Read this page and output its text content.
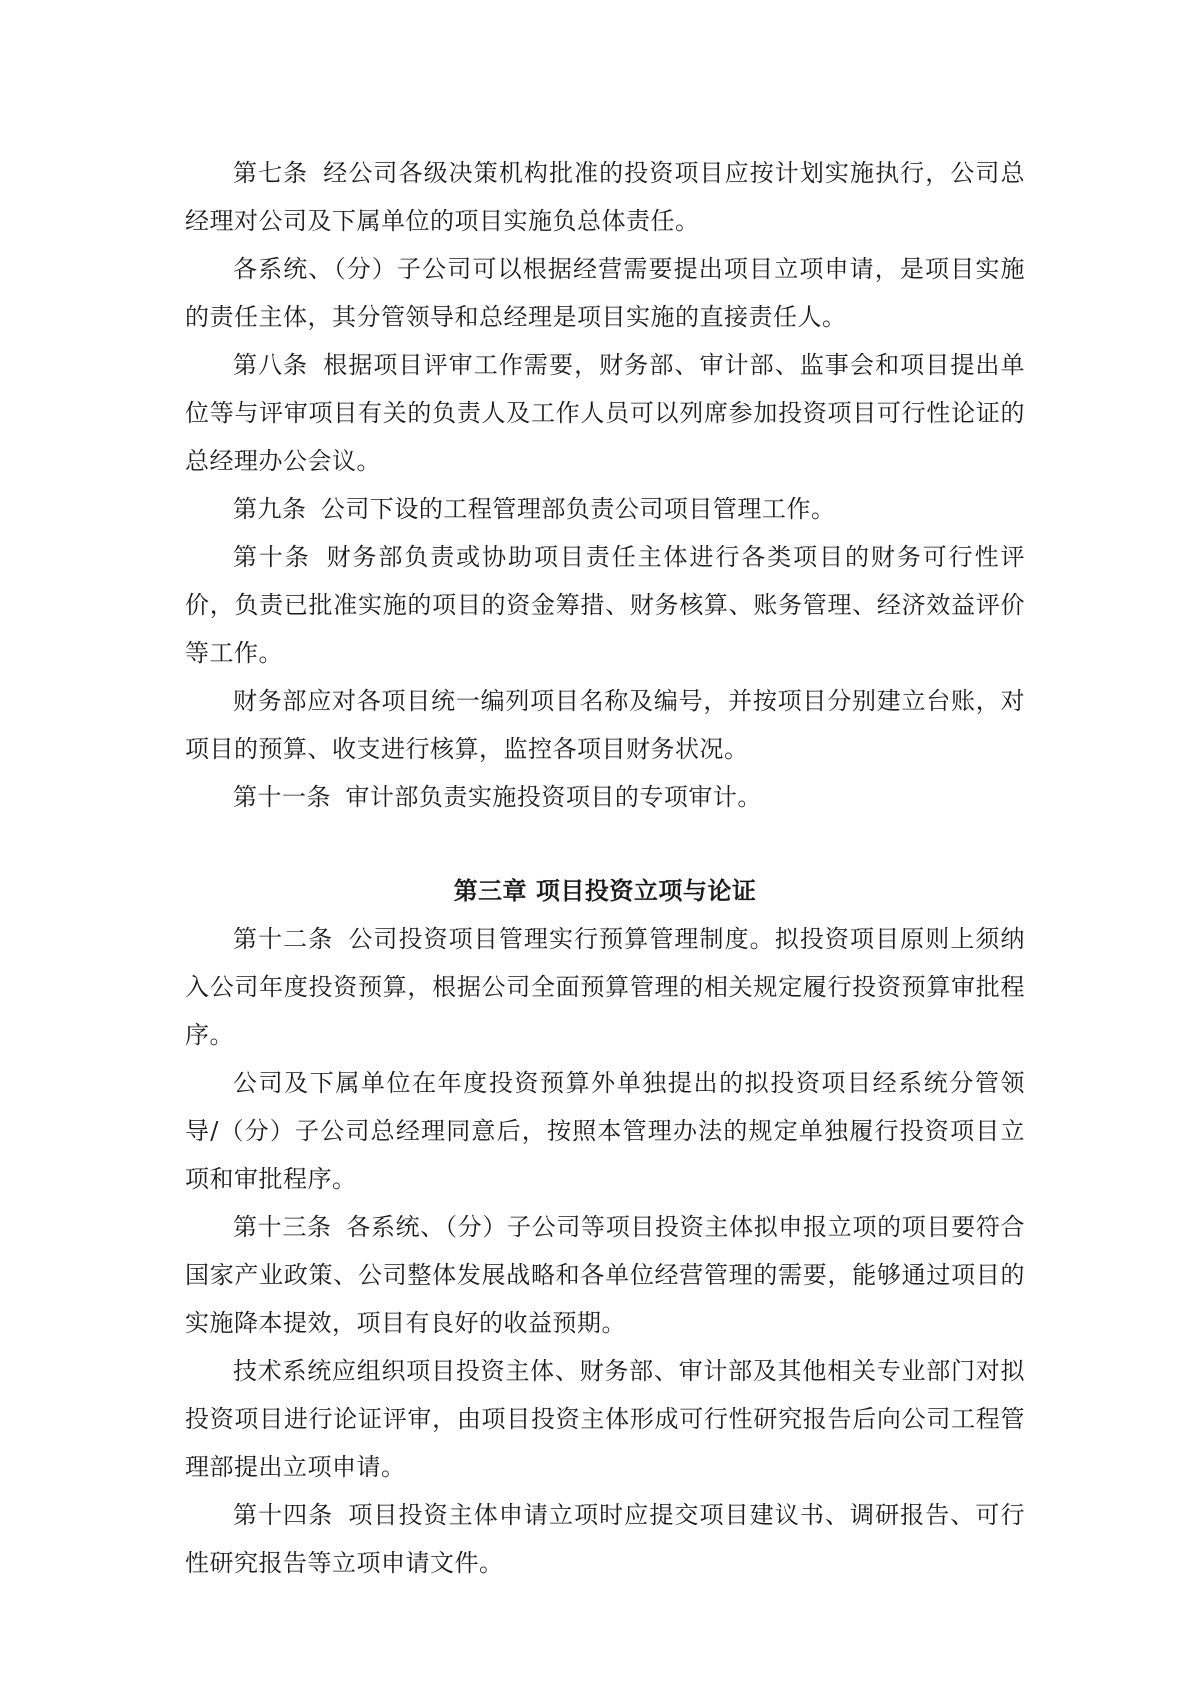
第七条 经公司各级决策机构批准的投资项目应按计划实施执行，公司总经理对公司及下属单位的项目实施负总体责任。

各系统、（分）子公司可以根据经营需要提出项目立项申请，是项目实施的责任主体，其分管领导和总经理是项目实施的直接责任人。

第八条 根据项目评审工作需要，财务部、审计部、监事会和项目提出单位等与评审项目有关的负责人及工作人员可以列席参加投资项目可行性论证的总经理办公会议。

第九条 公司下设的工程管理部负责公司项目管理工作。

第十条 财务部负责或协助项目责任主体进行各类项目的财务可行性评价，负责已批准实施的项目的资金筹措、财务核算、账务管理、经济效益评价等工作。

财务部应对各项目统一编列项目名称及编号，并按项目分别建立台账，对项目的预算、收支进行核算，监控各项目财务状况。

第十一条 审计部负责实施投资项目的专项审计。

第三章 项目投资立项与论证

第十二条 公司投资项目管理实行预算管理制度。拟投资项目原则上须纳入公司年度投资预算，根据公司全面预算管理的相关规定履行投资预算审批程序。

公司及下属单位在年度投资预算外单独提出的拟投资项目经系统分管领导/（分）子公司总经理同意后，按照本管理办法的规定单独履行投资项目立项和审批程序。

第十三条 各系统、（分）子公司等项目投资主体拟申报立项的项目要符合国家产业政策、公司整体发展战略和各单位经营管理的需要，能够通过项目的实施降本提效，项目有良好的收益预期。

技术系统应组织项目投资主体、财务部、审计部及其他相关专业部门对拟投资项目进行论证评审，由项目投资主体形成可行性研究报告后向公司工程管理部提出立项申请。

第十四条 项目投资主体申请立项时应提交项目建议书、调研报告、可行性研究报告等立项申请文件。
